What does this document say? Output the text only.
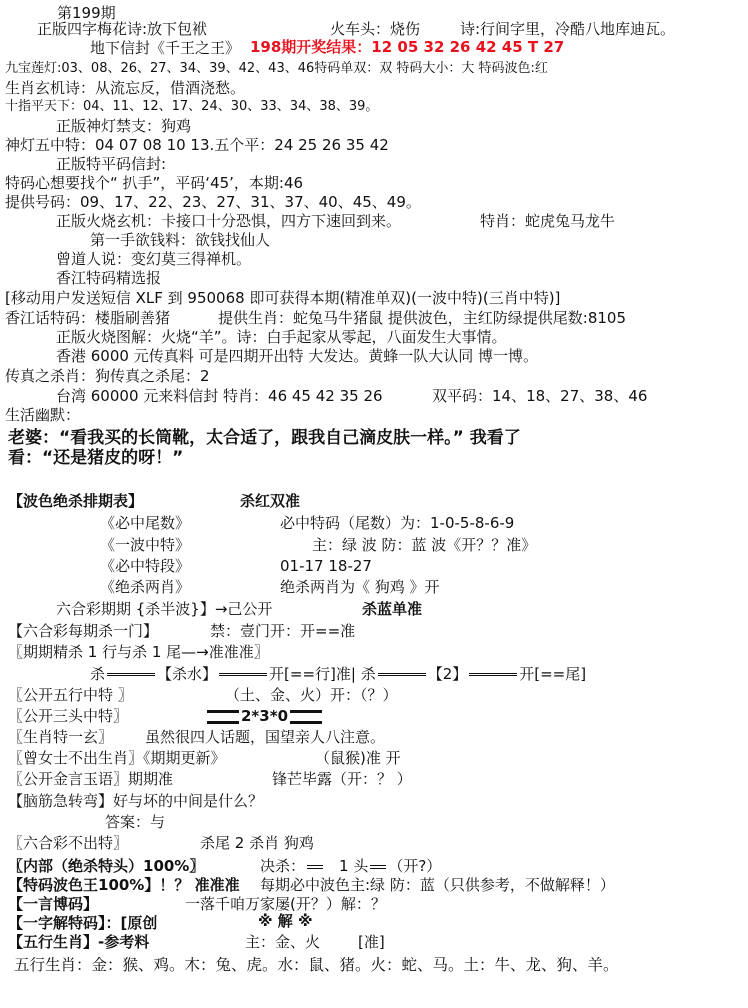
第199期
正版四字梅花诗:放下包袱	火车头：烧伤	诗:行间字里，冷酷八地库迪瓦。
地下信封《千王之王》 198期开奖结果：12 05 32 26 42 45 T 27
九宝莲灯:03、08、26、27、34、39、42、43、46特码单双：双 特码大小：大 特码波色:红
生肖玄机诗：从流忘反，借酒浇愁。
十指平天下：04、11、12、17、24、30、33、34、38、39。
正版神灯禁支：狗鸡
神灯五中特：04 07 08 10 13.五个平：24 25 26 35 42
正版特平码信封:
特码心想要找个“ 扒手”，平码‘45’，本期:46
提供号码：09、17、22、23、27、31、37、40、45、49。
正版火烧玄机：卡接口十分恐惧，四方下速回到来。	特肖：蛇虎兔马龙牛
第一手欲钱料：欲钱找仙人
曾道人说：变幻莫三得禅机。
香江特码精选报
[移动用户发送短信 XLF 到 950068 即可获得本期(精准单双)(一波中特)(三肖中特)]
香江话特码：楼脂刷善猪	提供生肖：蛇兔马牛猪鼠 提供波色，主红防绿提供尾数:8105
正版火烧图解：火烧“羊”。诗：白手起家从零起，八面发生大事情。
香港 6000 元传真料 可是四期开出特 大发达。黄蜂一队大认同 博一博。
传真之杀肖：狗传真之杀尾：2
台湾 60000 元来料信封 特肖：46 45 42 35 26	双平码：14、18、27、38、46
生活幽默：
老婆：“看我买的长筒靴，太合适了，跟我自己滴皮肤一样。” 我看了
看：“还是猪皮的呀！”
【波色绝杀排期表】	杀红双准
《必中尾数》	必中特码（尾数）为：1-0-5-8-6-9
《一波中特》	主：绿 波 防：蓝 波《开？？准》
《必中特段》	01-17 18-27
《绝杀两肖》	绝杀两肖为《 狗鸡 》开
六合彩期期 {杀半波}】→己公开	杀蓝单准
【六合彩每期杀一门】	禁：壹门开：开==准
〖期期精杀 1 行与杀 1 尾—→准准准〗
杀	【杀水】	开[==行]准| 杀	【2】	开[==尾]
〖公开五行中特 〗	（土、金、火）开：（？）
〖公开三头中特〗	2*3*0
〖生肖特一玄〗 虽然很四人话题，国望亲人八注意。
〖曾女士不出生肖〗《期期更新》	（鼠猴)准 开
〖公开金言玉语〗期期准	锋芒毕露（开：？ ）
【脑筋急转弯】好与坏的中间是什么？
答案：与
〖六合彩不出特〗	杀尾 2 杀肖 狗鸡
〖内部（绝杀特头）100%〗	决杀： 1 头 （开?）
【特码波色王100%】！？ 准准准 每期必中波色主:绿 防：蓝（只供参考，不做解释！）
【一言博码】	一落千咱万家屡(开？）解：？
【一字解特码】：[原创	※ 解 ※
【五行生肖】-参考料	主：金、火	[准]
五行生肖：金：猴、鸡。木：兔、虎。水：鼠、猪。火：蛇、马。土：牛、龙、狗、羊。
